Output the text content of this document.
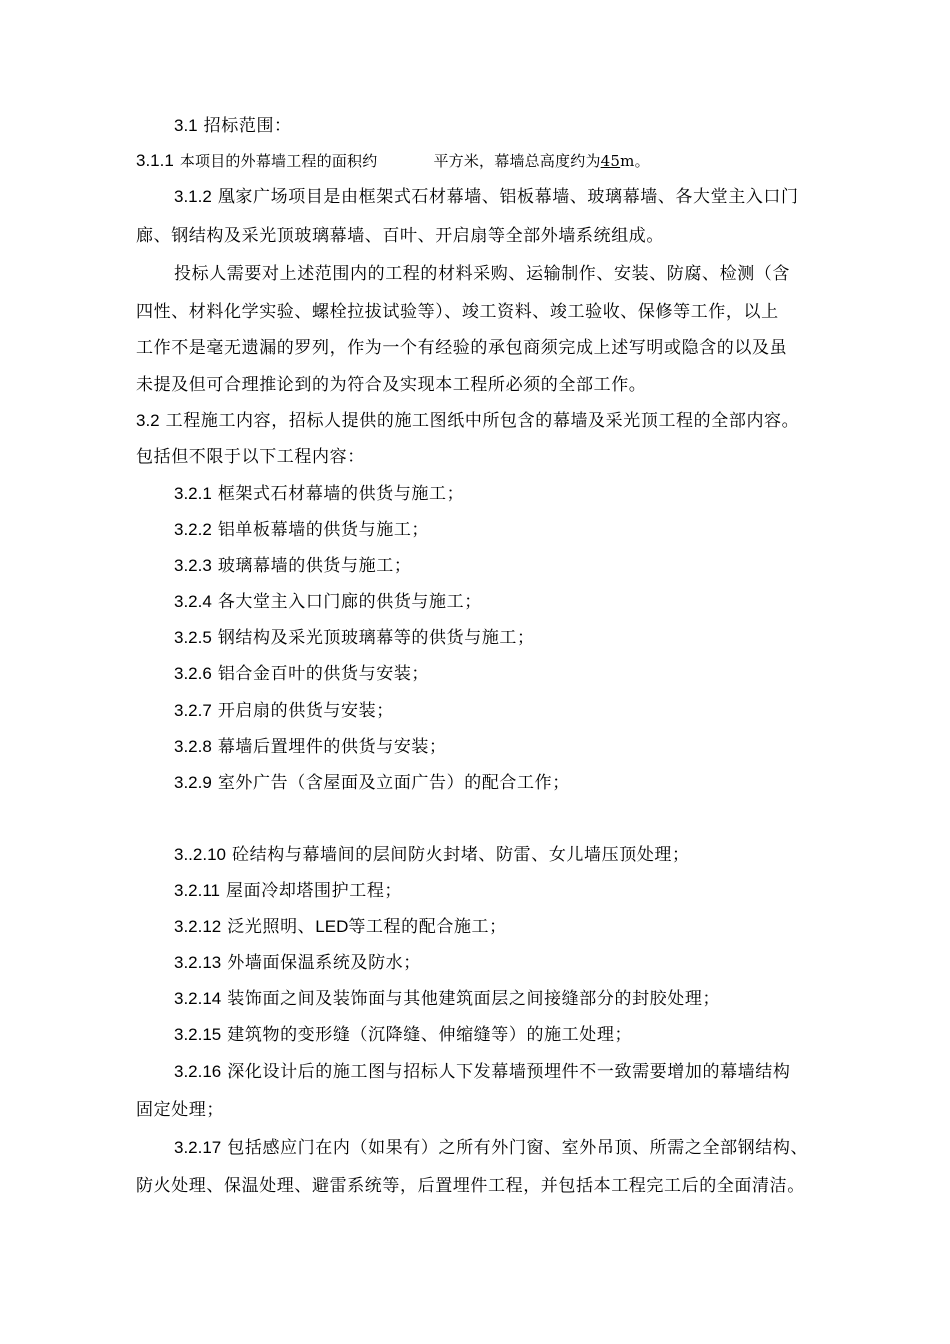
3.1 招标范围：
3.1.1 本项目的外幕墙工程的面积约	平方米，幕墙总高度约为45m。
3.1.2 凰家广场项目是由框架式石材幕墙、铝板幕墙、玻璃幕墙、各大堂主入口门
廊、钢结构及采光顶玻璃幕墙、百叶、开启扇等全部外墙系统组成。
投标人需要对上述范围内的工程的材料采购、运输制作、安装、防腐、检测（含
四性、材料化学实验、螺栓拉拔试验等）、竣工资料、竣工验收、保修等工作，以上
工作不是毫无遗漏的罗列，作为一个有经验的承包商须完成上述写明或隐含的以及虽
未提及但可合理推论到的为符合及实现本工程所必须的全部工作。
3.2 工程施工内容，招标人提供的施工图纸中所包含的幕墙及采光顶工程的全部内容。
包括但不限于以下工程内容：
3.2.1 框架式石材幕墙的供货与施工；
3.2.2 铝单板幕墙的供货与施工；
3.2.3 玻璃幕墙的供货与施工；
3.2.4 各大堂主入口门廊的供货与施工；
3.2.5 钢结构及采光顶玻璃幕等的供货与施工；
3.2.6 铝合金百叶的供货与安装；
3.2.7 开启扇的供货与安装；
3.2.8 幕墙后置埋件的供货与安装；
3.2.9 室外广告（含屋面及立面广告）的配合工作；
3..2.10 砼结构与幕墙间的层间防火封堵、防雷、女儿墙压顶处理；
3.2.11 屋面冷却塔围护工程；
3.2.12 泛光照明、LED等工程的配合施工；
3.2.13 外墙面保温系统及防水；
3.2.14 装饰面之间及装饰面与其他建筑面层之间接缝部分的封胶处理；
3.2.15 建筑物的变形缝（沉降缝、伸缩缝等）的施工处理；
3.2.16 深化设计后的施工图与招标人下发幕墙预埋件不一致需要增加的幕墙结构
固定处理；
3.2.17 包括感应门在内（如果有）之所有外门窗、室外吊顶、所需之全部钢结构、
防火处理、保温处理、避雷系统等，后置埋件工程，并包括本工程完工后的全面清洁。
